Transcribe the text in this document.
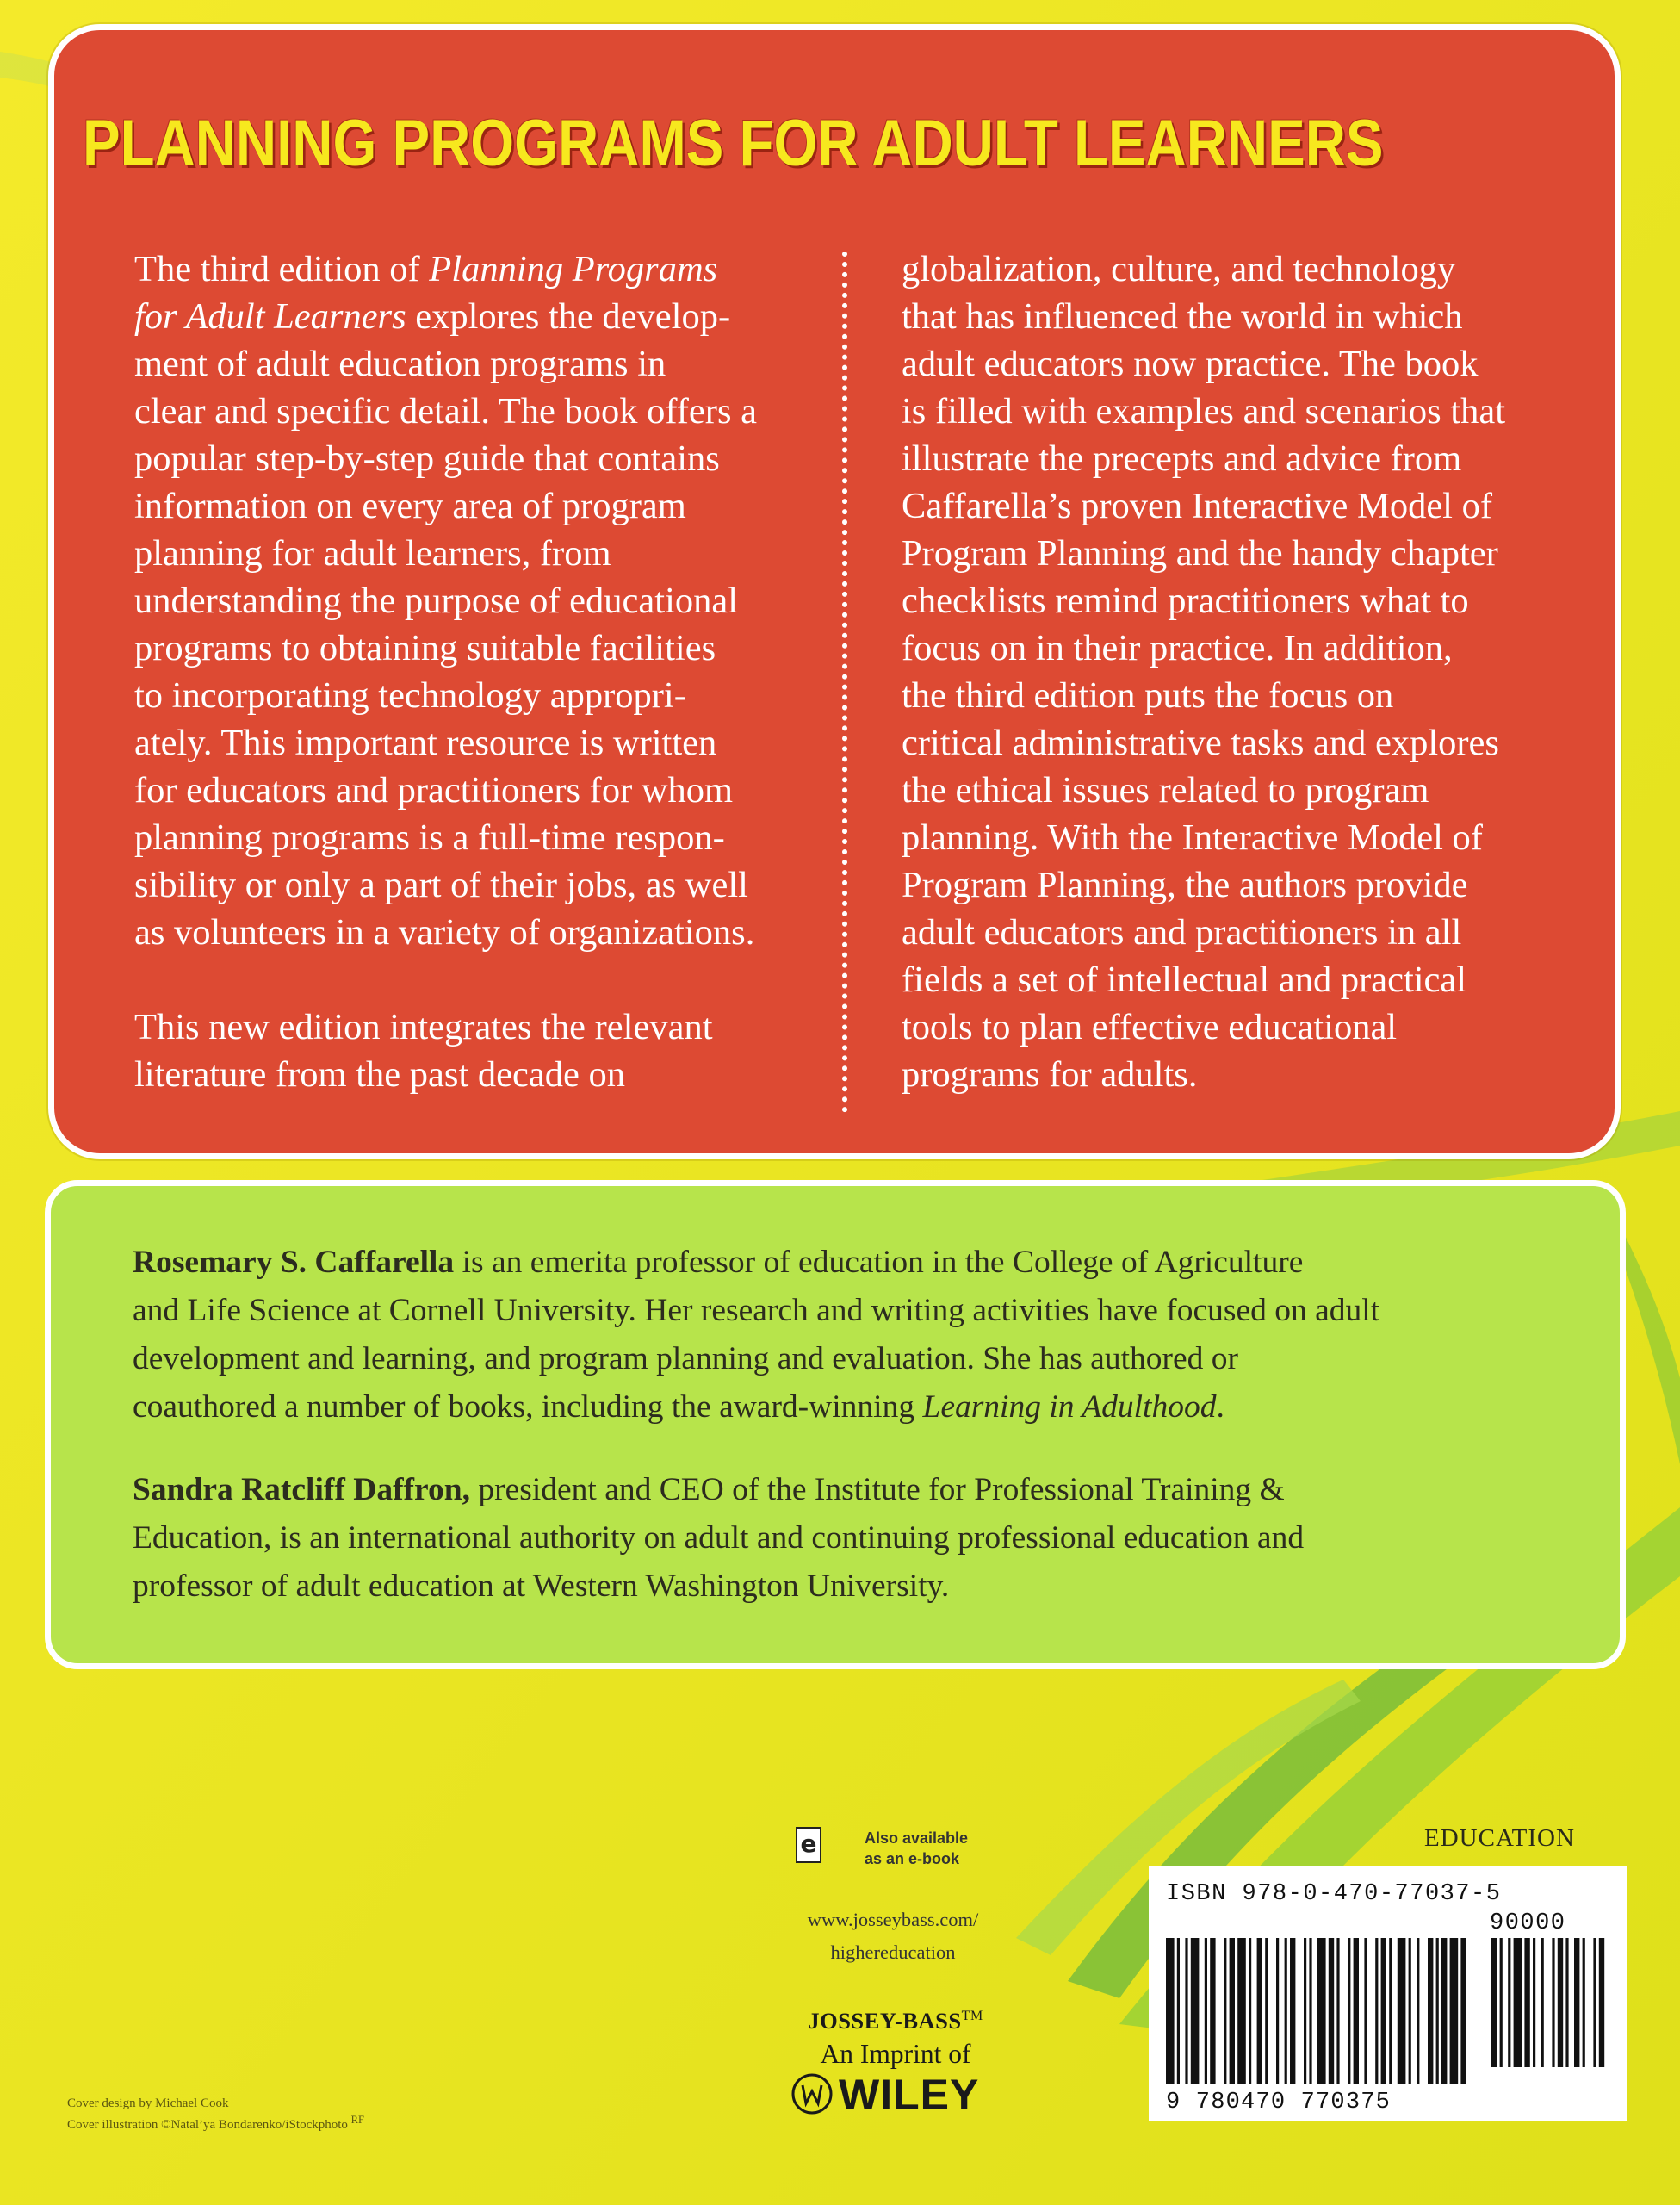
PLANNING PROGRAMS FOR ADULT LEARNERS

The third edition of Planning Programs
for Adult Learners explores the develop-
ment of adult education programs in
clear and specific detail. The book offers a
popular step-by-step guide that contains
information on every area of program
planning for adult learners, from
understanding the purpose of educational
programs to obtaining suitable facilities
to incorporating technology appropri-
ately. This important resource is written
for educators and practitioners for whom
planning programs is a full-time respon-
sibility or only a part of their jobs, as well
as volunteers in a variety of organizations.

This new edition integrates the relevant
literature from the past decade on

globalization, culture, and technology
that has influenced the world in which
adult educators now practice. The book
is filled with examples and scenarios that
illustrate the precepts and advice from
Caffarella’s proven Interactive Model of
Program Planning and the handy chapter
checklists remind practitioners what to
focus on in their practice. In addition,
the third edition puts the focus on
critical administrative tasks and explores
the ethical issues related to program
planning. With the Interactive Model of
Program Planning, the authors provide
adult educators and practitioners in all
fields a set of intellectual and practical
tools to plan effective educational
programs for adults.

Rosemary S. Caffarella is an emerita professor of education in the College of Agriculture
and Life Science at Cornell University. Her research and writing activities have focused on adult
development and learning, and program planning and evaluation. She has authored or
coauthored a number of books, including the award-winning Learning in Adulthood.

Sandra Ratcliff Daffron, president and CEO of the Institute for Professional Training &
Education, is an international authority on adult and continuing professional education and
professor of adult education at Western Washington University.

e	Also available
as an e-book

www.josseybass.com/
highereducation

JOSSEY-BASS™
An Imprint of

WILEY

Cover design by Michael Cook
Cover illustration ©Natal’ya Bondarenko/iStockphoto $^{RF}$

EDUCATION

ISBN 978-0-470-77037-5

90000

9 780470 770375
